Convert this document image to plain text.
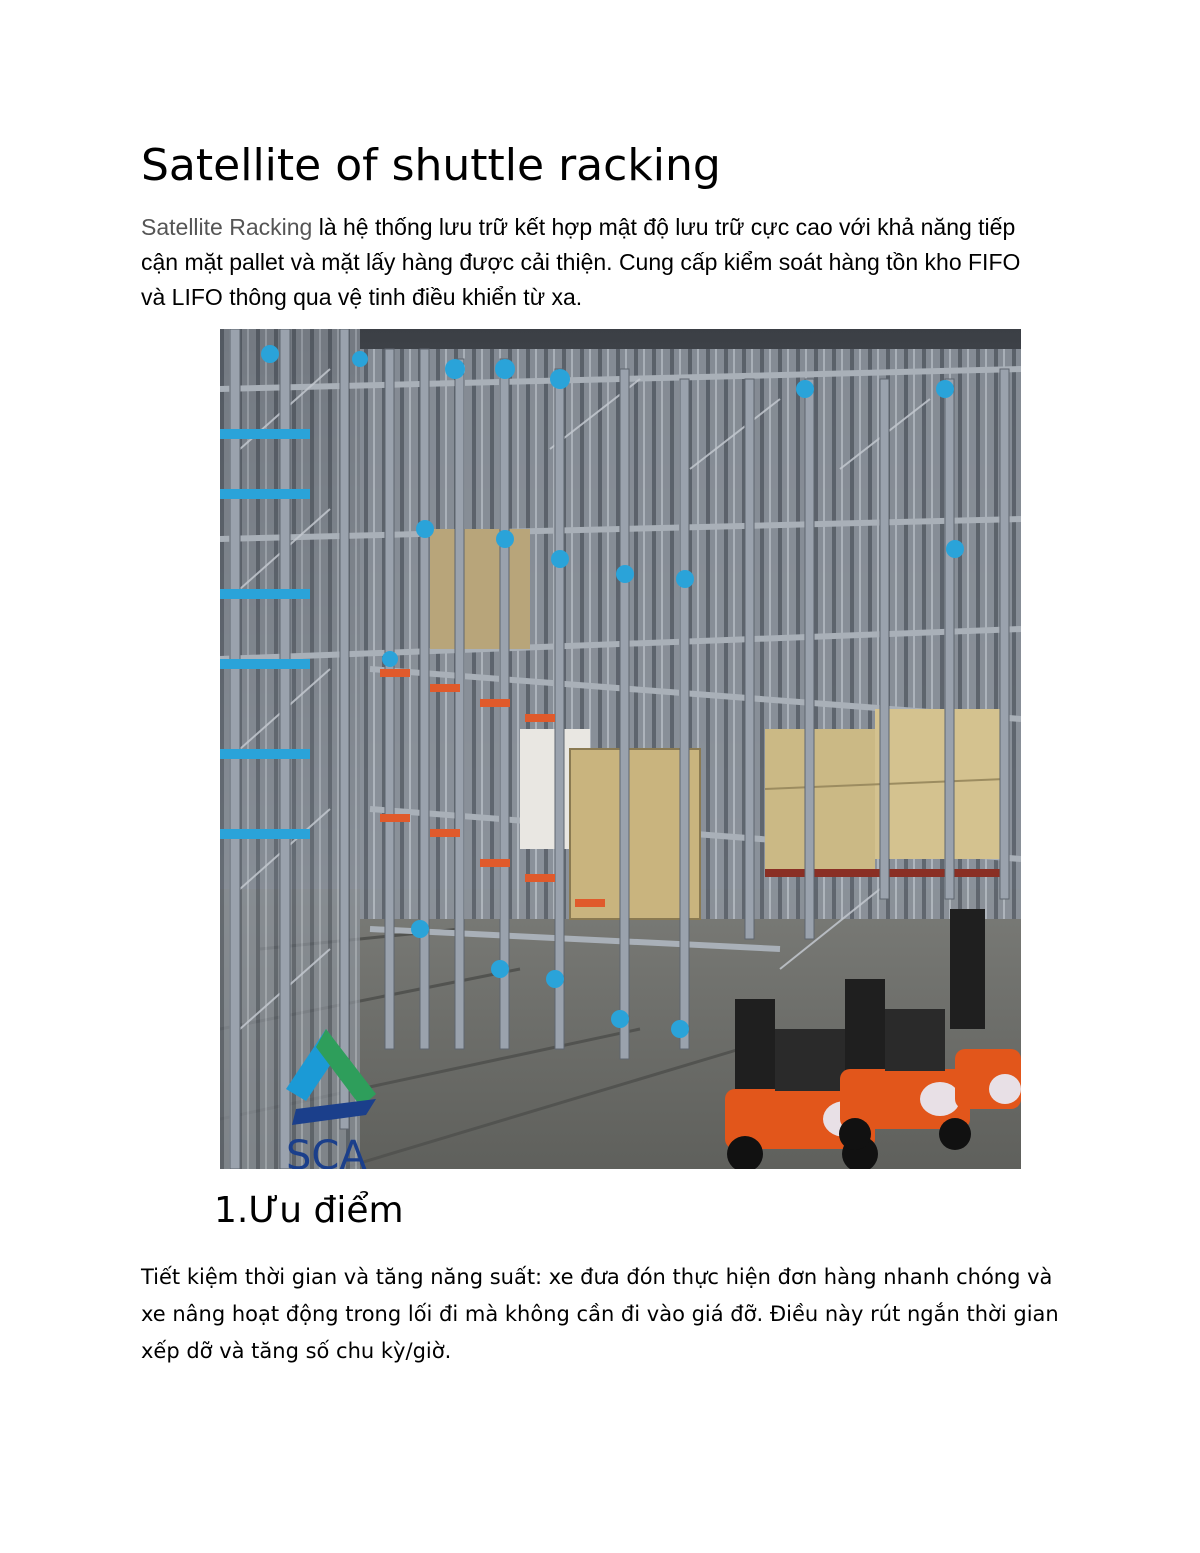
Satellite of shuttle racking

Satellite Racking là hệ thống lưu trữ kết hợp mật độ lưu trữ cực cao với khả năng tiếp cận mặt pallet và mặt lấy hàng được cải thiện. Cung cấp kiểm soát hàng tồn kho FIFO và LIFO thông qua vệ tinh điều khiển từ xa.

SCA
1.Ưu điểm

Tiết kiệm thời gian và tăng năng suất: xe đưa đón thực hiện đơn hàng nhanh chóng và xe nâng hoạt động trong lối đi mà không cần đi vào giá đỡ. Điều này rút ngắn thời gian xếp dỡ và tăng số chu kỳ/giờ.
